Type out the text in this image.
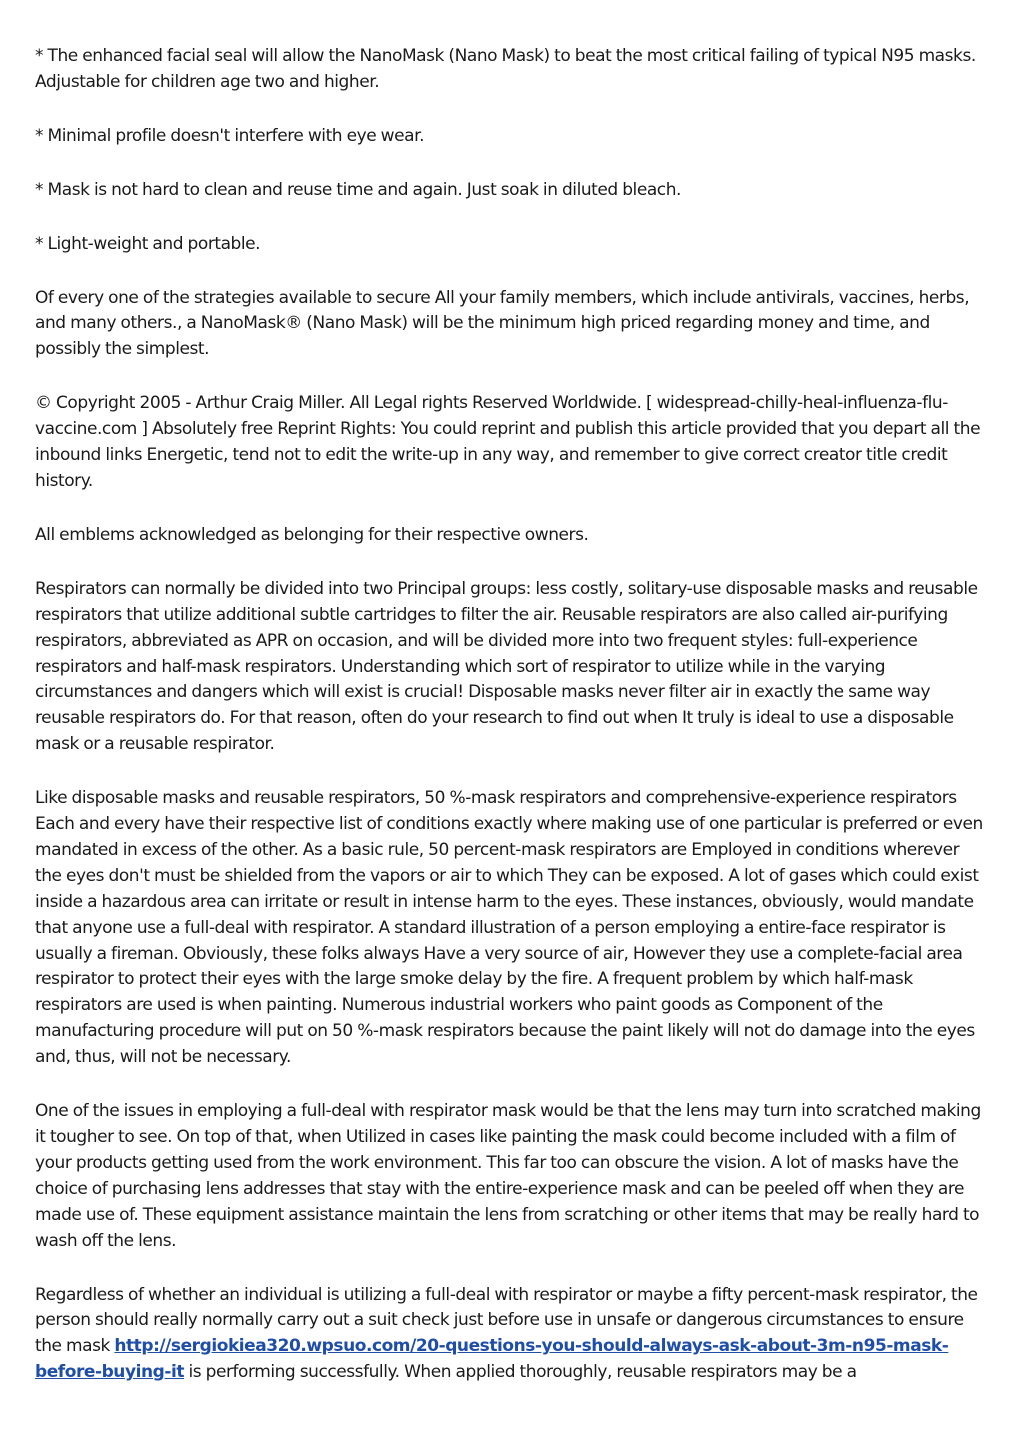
* The enhanced facial seal will allow the NanoMask (Nano Mask) to beat the most critical failing of typical N95 masks. Adjustable for children age two and higher.

* Minimal profile doesn't interfere with eye wear.

* Mask is not hard to clean and reuse time and again. Just soak in diluted bleach.

* Light-weight and portable.

Of every one of the strategies available to secure All your family members, which include antivirals, vaccines, herbs, and many others., a NanoMask® (Nano Mask) will be the minimum high priced regarding money and time, and possibly the simplest.

© Copyright 2005 - Arthur Craig Miller. All Legal rights Reserved Worldwide. [ widespread-chilly-heal-influenza-flu-vaccine.com ] Absolutely free Reprint Rights: You could reprint and publish this article provided that you depart all the inbound links Energetic, tend not to edit the write-up in any way, and remember to give correct creator title credit history.

All emblems acknowledged as belonging for their respective owners.

Respirators can normally be divided into two Principal groups: less costly, solitary-use disposable masks and reusable respirators that utilize additional subtle cartridges to filter the air. Reusable respirators are also called air-purifying respirators, abbreviated as APR on occasion, and will be divided more into two frequent styles: full-experience respirators and half-mask respirators. Understanding which sort of respirator to utilize while in the varying circumstances and dangers which will exist is crucial! Disposable masks never filter air in exactly the same way reusable respirators do. For that reason, often do your research to find out when It truly is ideal to use a disposable mask or a reusable respirator.

Like disposable masks and reusable respirators, 50 %-mask respirators and comprehensive-experience respirators Each and every have their respective list of conditions exactly where making use of one particular is preferred or even mandated in excess of the other. As a basic rule, 50 percent-mask respirators are Employed in conditions wherever the eyes don't must be shielded from the vapors or air to which They can be exposed. A lot of gases which could exist inside a hazardous area can irritate or result in intense harm to the eyes. These instances, obviously, would mandate that anyone use a full-deal with respirator. A standard illustration of a person employing a entire-face respirator is usually a fireman. Obviously, these folks always Have a very source of air, However they use a complete-facial area respirator to protect their eyes with the large smoke delay by the fire. A frequent problem by which half-mask respirators are used is when painting. Numerous industrial workers who paint goods as Component of the manufacturing procedure will put on 50 %-mask respirators because the paint likely will not do damage into the eyes and, thus, will not be necessary.

One of the issues in employing a full-deal with respirator mask would be that the lens may turn into scratched making it tougher to see. On top of that, when Utilized in cases like painting the mask could become included with a film of your products getting used from the work environment. This far too can obscure the vision. A lot of masks have the choice of purchasing lens addresses that stay with the entire-experience mask and can be peeled off when they are made use of. These equipment assistance maintain the lens from scratching or other items that may be really hard to wash off the lens.

Regardless of whether an individual is utilizing a full-deal with respirator or maybe a fifty percent-mask respirator, the person should really normally carry out a suit check just before use in unsafe or dangerous circumstances to ensure the mask http://sergiokiea320.wpsuo.com/20-questions-you-should-always-ask-about-3m-n95-mask-before-buying-it is performing successfully. When applied thoroughly, reusable respirators may be a
